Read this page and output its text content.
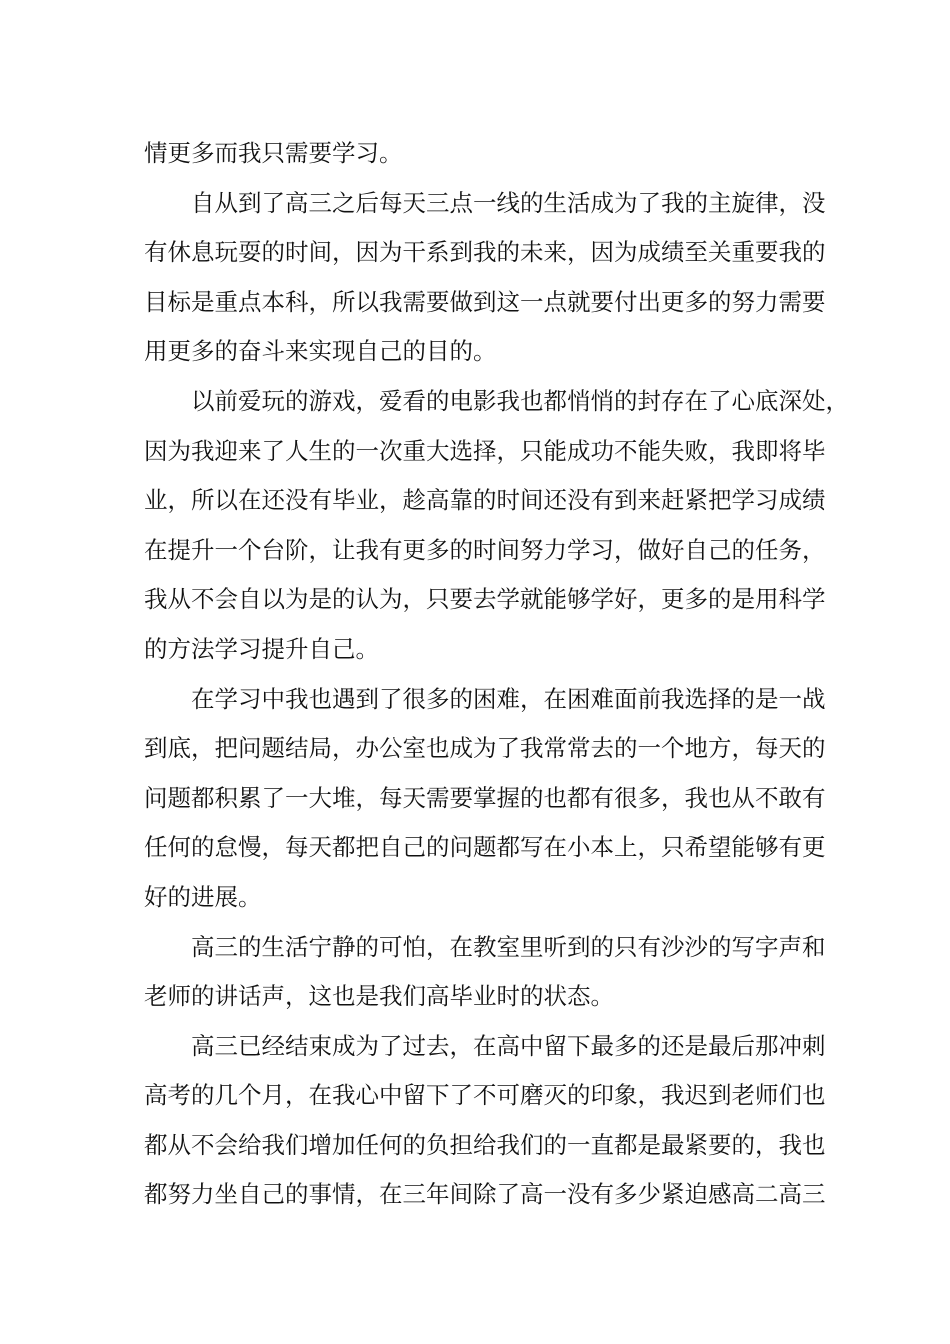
情更多而我只需要学习。
自从到了高三之后每天三点一线的生活成为了我的主旋律，没
有休息玩耍的时间，因为干系到我的未来，因为成绩至关重要我的
目标是重点本科，所以我需要做到这一点就要付出更多的努力需要
用更多的奋斗来实现自己的目的。
以前爱玩的游戏，爱看的电影我也都悄悄的封存在了心底深处，
因为我迎来了人生的一次重大选择，只能成功不能失败，我即将毕
业，所以在还没有毕业，趁高靠的时间还没有到来赶紧把学习成绩
在提升一个台阶，让我有更多的时间努力学习，做好自己的任务，
我从不会自以为是的认为，只要去学就能够学好，更多的是用科学
的方法学习提升自己。
在学习中我也遇到了很多的困难，在困难面前我选择的是一战
到底，把问题结局，办公室也成为了我常常去的一个地方，每天的
问题都积累了一大堆，每天需要掌握的也都有很多，我也从不敢有
任何的怠慢，每天都把自己的问题都写在小本上，只希望能够有更
好的进展。
高三的生活宁静的可怕，在教室里听到的只有沙沙的写字声和
老师的讲话声，这也是我们高毕业时的状态。
高三已经结束成为了过去，在高中留下最多的还是最后那冲刺
高考的几个月，在我心中留下了不可磨灭的印象，我迟到老师们也
都从不会给我们增加任何的负担给我们的一直都是最紧要的，我也
都努力坐自己的事情，在三年间除了高一没有多少紧迫感高二高三
